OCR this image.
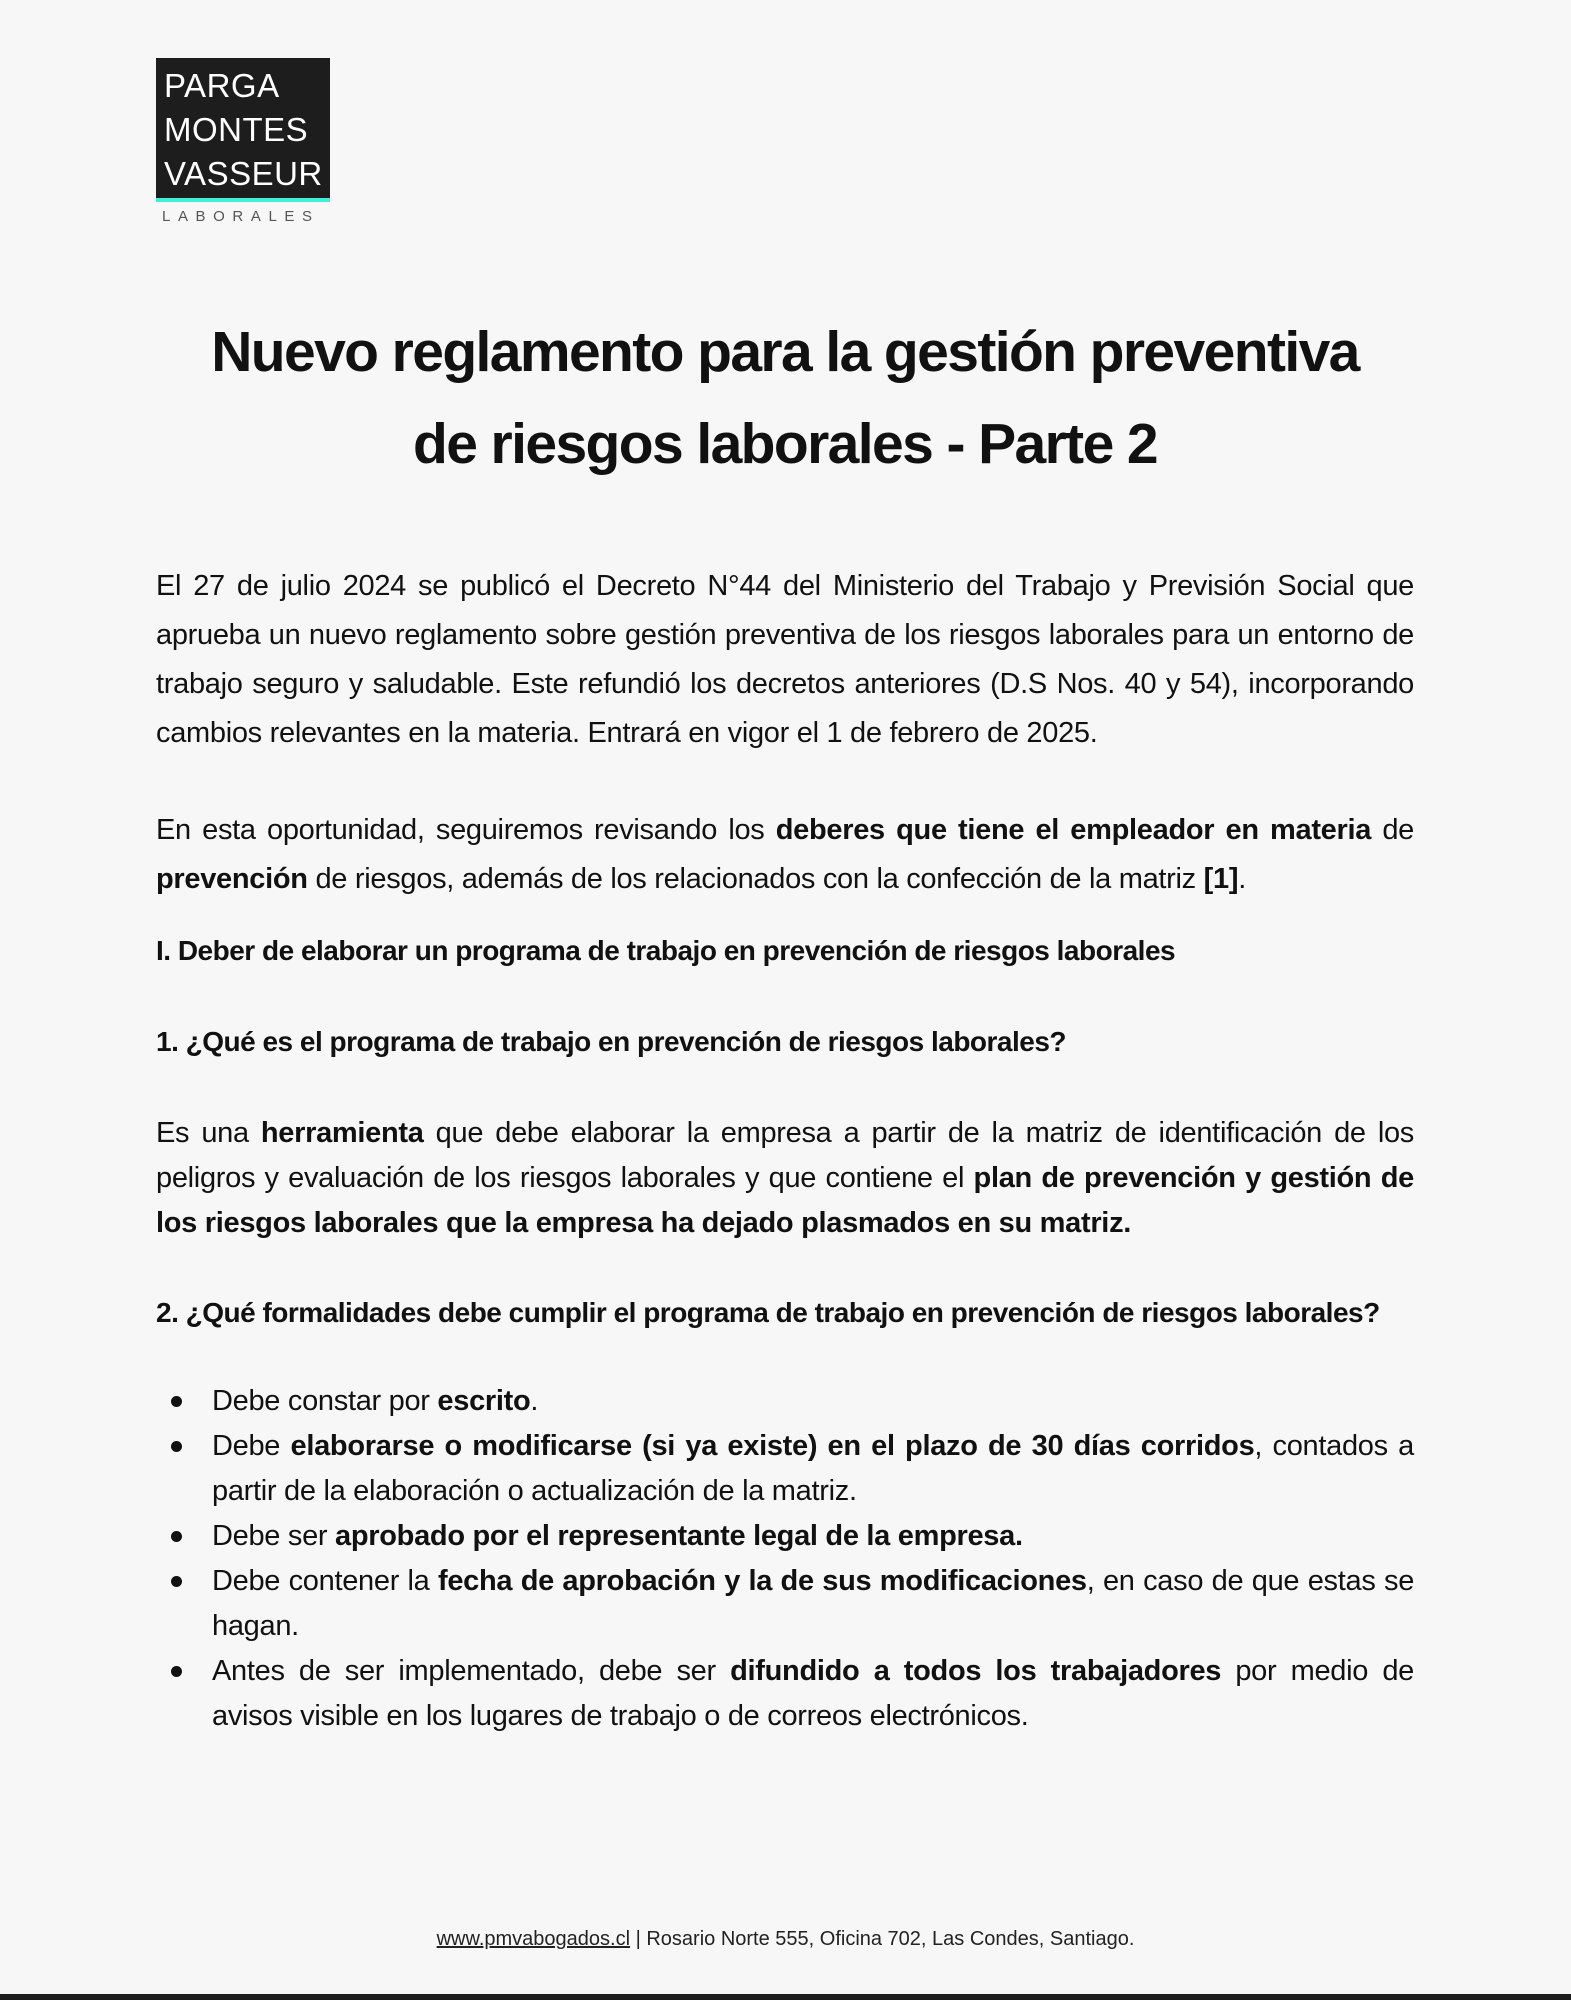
PARGA
MONTES
VASSEUR
LABORALES
Nuevo reglamento para la gestión preventiva
de riesgos laborales - Parte 2

El 27 de julio 2024 se publicó el Decreto N°44 del Ministerio del Trabajo y Previsión Social que aprueba un nuevo reglamento sobre gestión preventiva de los riesgos laborales para un entorno de trabajo seguro y saludable. Este refundió los decretos anteriores (D.S Nos. 40 y 54), incorporando cambios relevantes en la materia. Entrará en vigor el 1 de febrero de 2025.

En esta oportunidad, seguiremos revisando los deberes que tiene el empleador en materia de prevención de riesgos, además de los relacionados con la confección de la matriz [1].

I. Deber de elaborar un programa de trabajo en prevención de riesgos laborales

1. ¿Qué es el programa de trabajo en prevención de riesgos laborales?

Es una herramienta que debe elaborar la empresa a partir de la matriz de identificación de los peligros y evaluación de los riesgos laborales y que contiene el plan de prevención y gestión de los riesgos laborales que la empresa ha dejado plasmados en su matriz.

2. ¿Qué formalidades debe cumplir el programa de trabajo en prevención de riesgos laborales?

Debe constar por escrito.
Debe elaborarse o modificarse (si ya existe) en el plazo de 30 días corridos, contados a partir de la elaboración o actualización de la matriz.
Debe ser aprobado por el representante legal de la empresa.
Debe contener la fecha de aprobación y la de sus modificaciones, en caso de que estas se hagan.
Antes de ser implementado, debe ser difundido a todos los trabajadores por medio de avisos visible en los lugares de trabajo o de correos electrónicos.
www.pmvabogados.cl | Rosario Norte 555, Oficina 702, Las Condes, Santiago.
